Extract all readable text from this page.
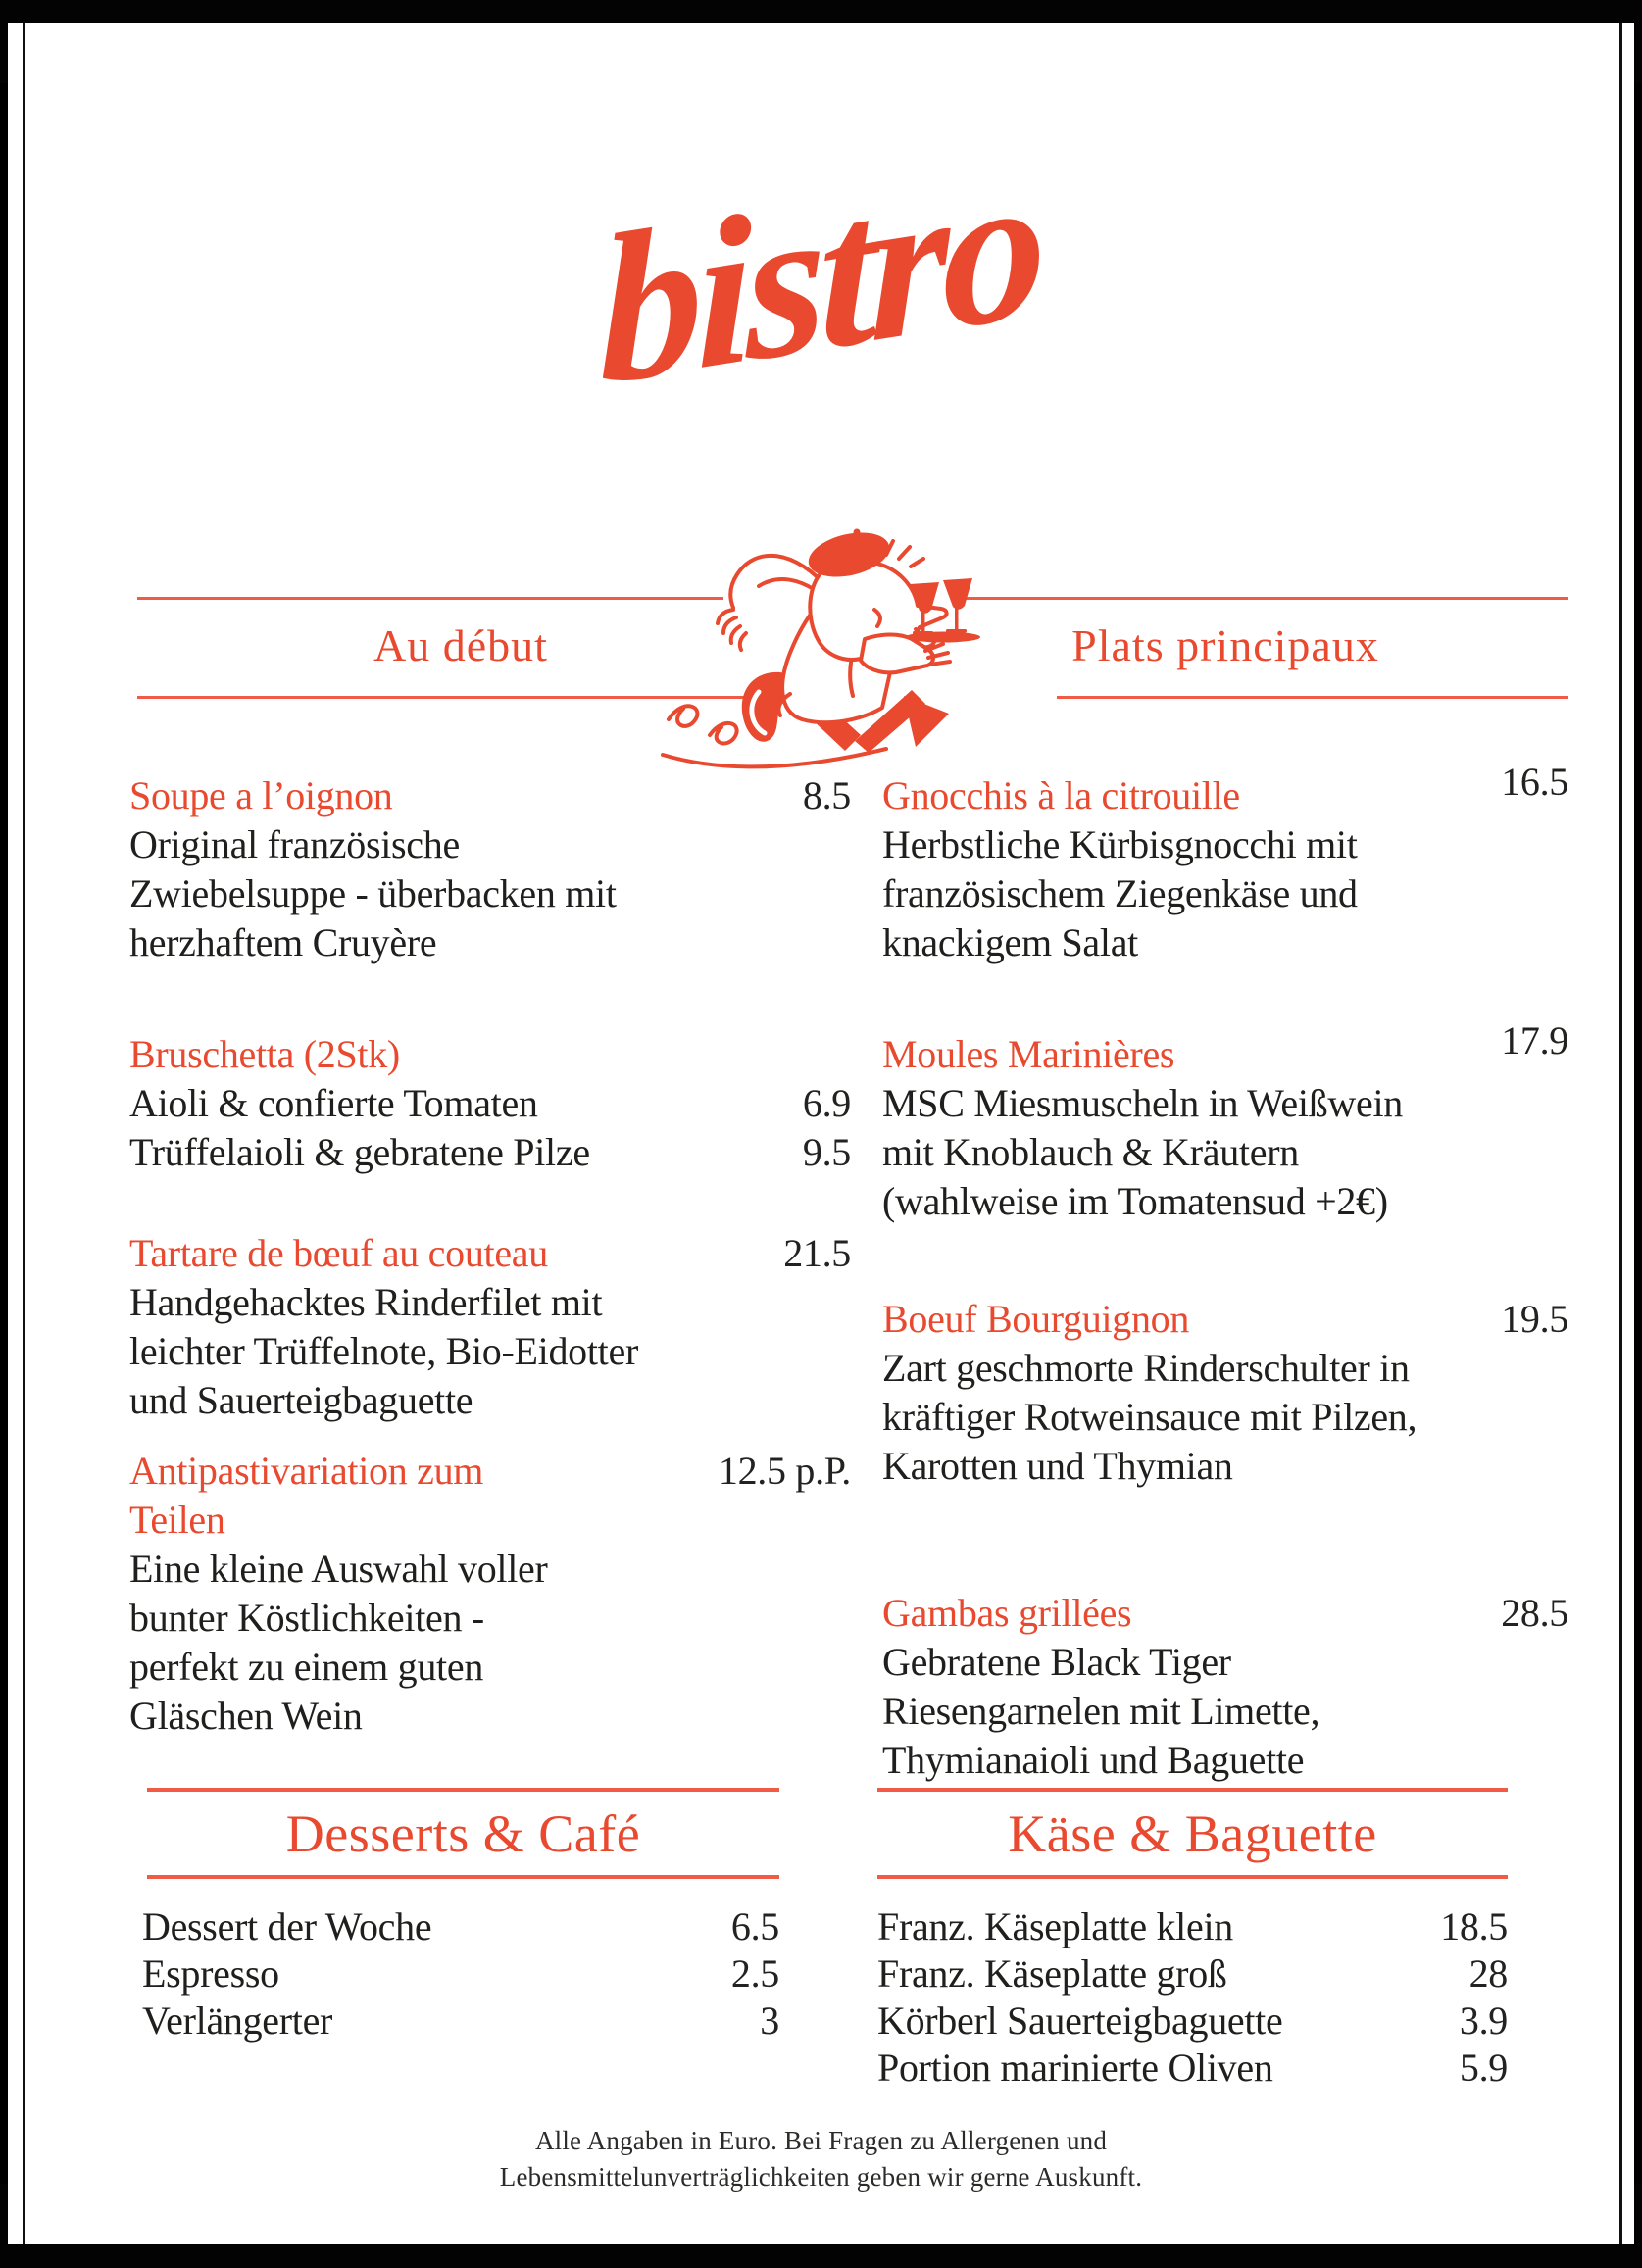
bistro
Au début	Plats principaux
Soupe a l’oignon	8.5
Original französische
Zwiebelsuppe - überbacken mit
herzhaftem Cruyère
Bruschetta (2Stk)
Aioli & confierte Tomaten	6.9
Trüffelaioli & gebratene Pilze	9.5
Tartare de bœuf au couteau	21.5
Handgehacktes Rinderfilet mit
leichter Trüffelnote, Bio-Eidotter
und Sauerteigbaguette
Antipastivariation zum	12.5 p.P.
Teilen
Eine kleine Auswahl voller
bunter Köstlichkeiten -
perfekt zu einem guten
Gläschen Wein
Gnocchis à la citrouille	16.5
Herbstliche Kürbisgnocchi mit
französischem Ziegenkäse und
knackigem Salat
Moules Marinières	17.9
MSC Miesmuscheln in Weißwein
mit Knoblauch & Kräutern
(wahlweise im Tomatensud +2€)
Boeuf Bourguignon	19.5
Zart geschmorte Rinderschulter in
kräftiger Rotweinsauce mit Pilzen,
Karotten und Thymian
Gambas grillées	28.5
Gebratene Black Tiger
Riesengarnelen mit Limette,
Thymianaioli und Baguette
Desserts & Café
Dessert der Woche	6.5
Espresso	2.5
Verlängerter	3
Käse & Baguette
Franz. Käseplatte klein	18.5
Franz. Käseplatte groß	28
Körberl Sauerteigbaguette	3.9
Portion marinierte Oliven	5.9
Alle Angaben in Euro. Bei Fragen zu Allergenen und
Lebensmittelunverträglichkeiten geben wir gerne Auskunft.
